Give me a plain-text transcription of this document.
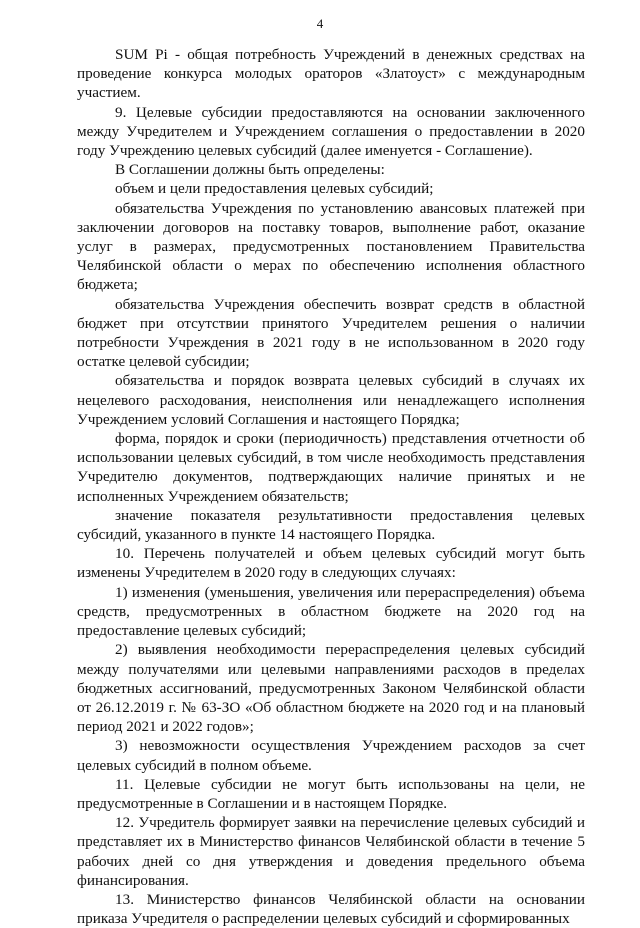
4

SUM Pi - общая потребность Учреждений в денежных средствах на проведение конкурса молодых ораторов «Златоуст» с международным участием.

9. Целевые субсидии предоставляются на основании заключенного между Учредителем и Учреждением соглашения о предоставлении в 2020 году Учреждению целевых субсидий (далее именуется - Соглашение).

В Соглашении должны быть определены:

объем и цели предоставления целевых субсидий;

обязательства Учреждения по установлению авансовых платежей при заключении договоров на поставку товаров, выполнение работ, оказание услуг в размерах, предусмотренных постановлением Правительства Челябинской области о мерах по обеспечению исполнения областного бюджета;

обязательства Учреждения обеспечить возврат средств в областной бюджет при отсутствии принятого Учредителем решения о наличии потребности Учреждения в 2021 году в не использованном в 2020 году остатке целевой субсидии;

обязательства и порядок возврата целевых субсидий в случаях их нецелевого расходования, неисполнения или ненадлежащего исполнения Учреждением условий Соглашения и настоящего Порядка;

форма, порядок и сроки (периодичность) представления отчетности об использовании целевых субсидий, в том числе необходимость представления Учредителю документов, подтверждающих наличие принятых и не исполненных Учреждением обязательств;

значение показателя результативности предоставления целевых субсидий, указанного в пункте 14 настоящего Порядка.

10. Перечень получателей и объем целевых субсидий могут быть изменены Учредителем в 2020 году в следующих случаях:

1) изменения (уменьшения, увеличения или перераспределения) объема средств, предусмотренных в областном бюджете на 2020 год на предоставление целевых субсидий;

2) выявления необходимости перераспределения целевых субсидий между получателями или целевыми направлениями расходов в пределах бюджетных ассигнований, предусмотренных Законом Челябинской области от 26.12.2019 г. № 63-ЗО «Об областном бюджете на 2020 год и на плановый период 2021 и 2022 годов»;

3) невозможности осуществления Учреждением расходов за счет целевых субсидий в полном объеме.

11. Целевые субсидии не могут быть использованы на цели, не предусмотренные в Соглашении и в настоящем Порядке.

12. Учредитель формирует заявки на перечисление целевых субсидий и представляет их в Министерство финансов Челябинской области в течение 5 рабочих дней со дня утверждения и доведения предельного объема финансирования.

13. Министерство финансов Челябинской области на основании приказа Учредителя о распределении целевых субсидий и сформированных
